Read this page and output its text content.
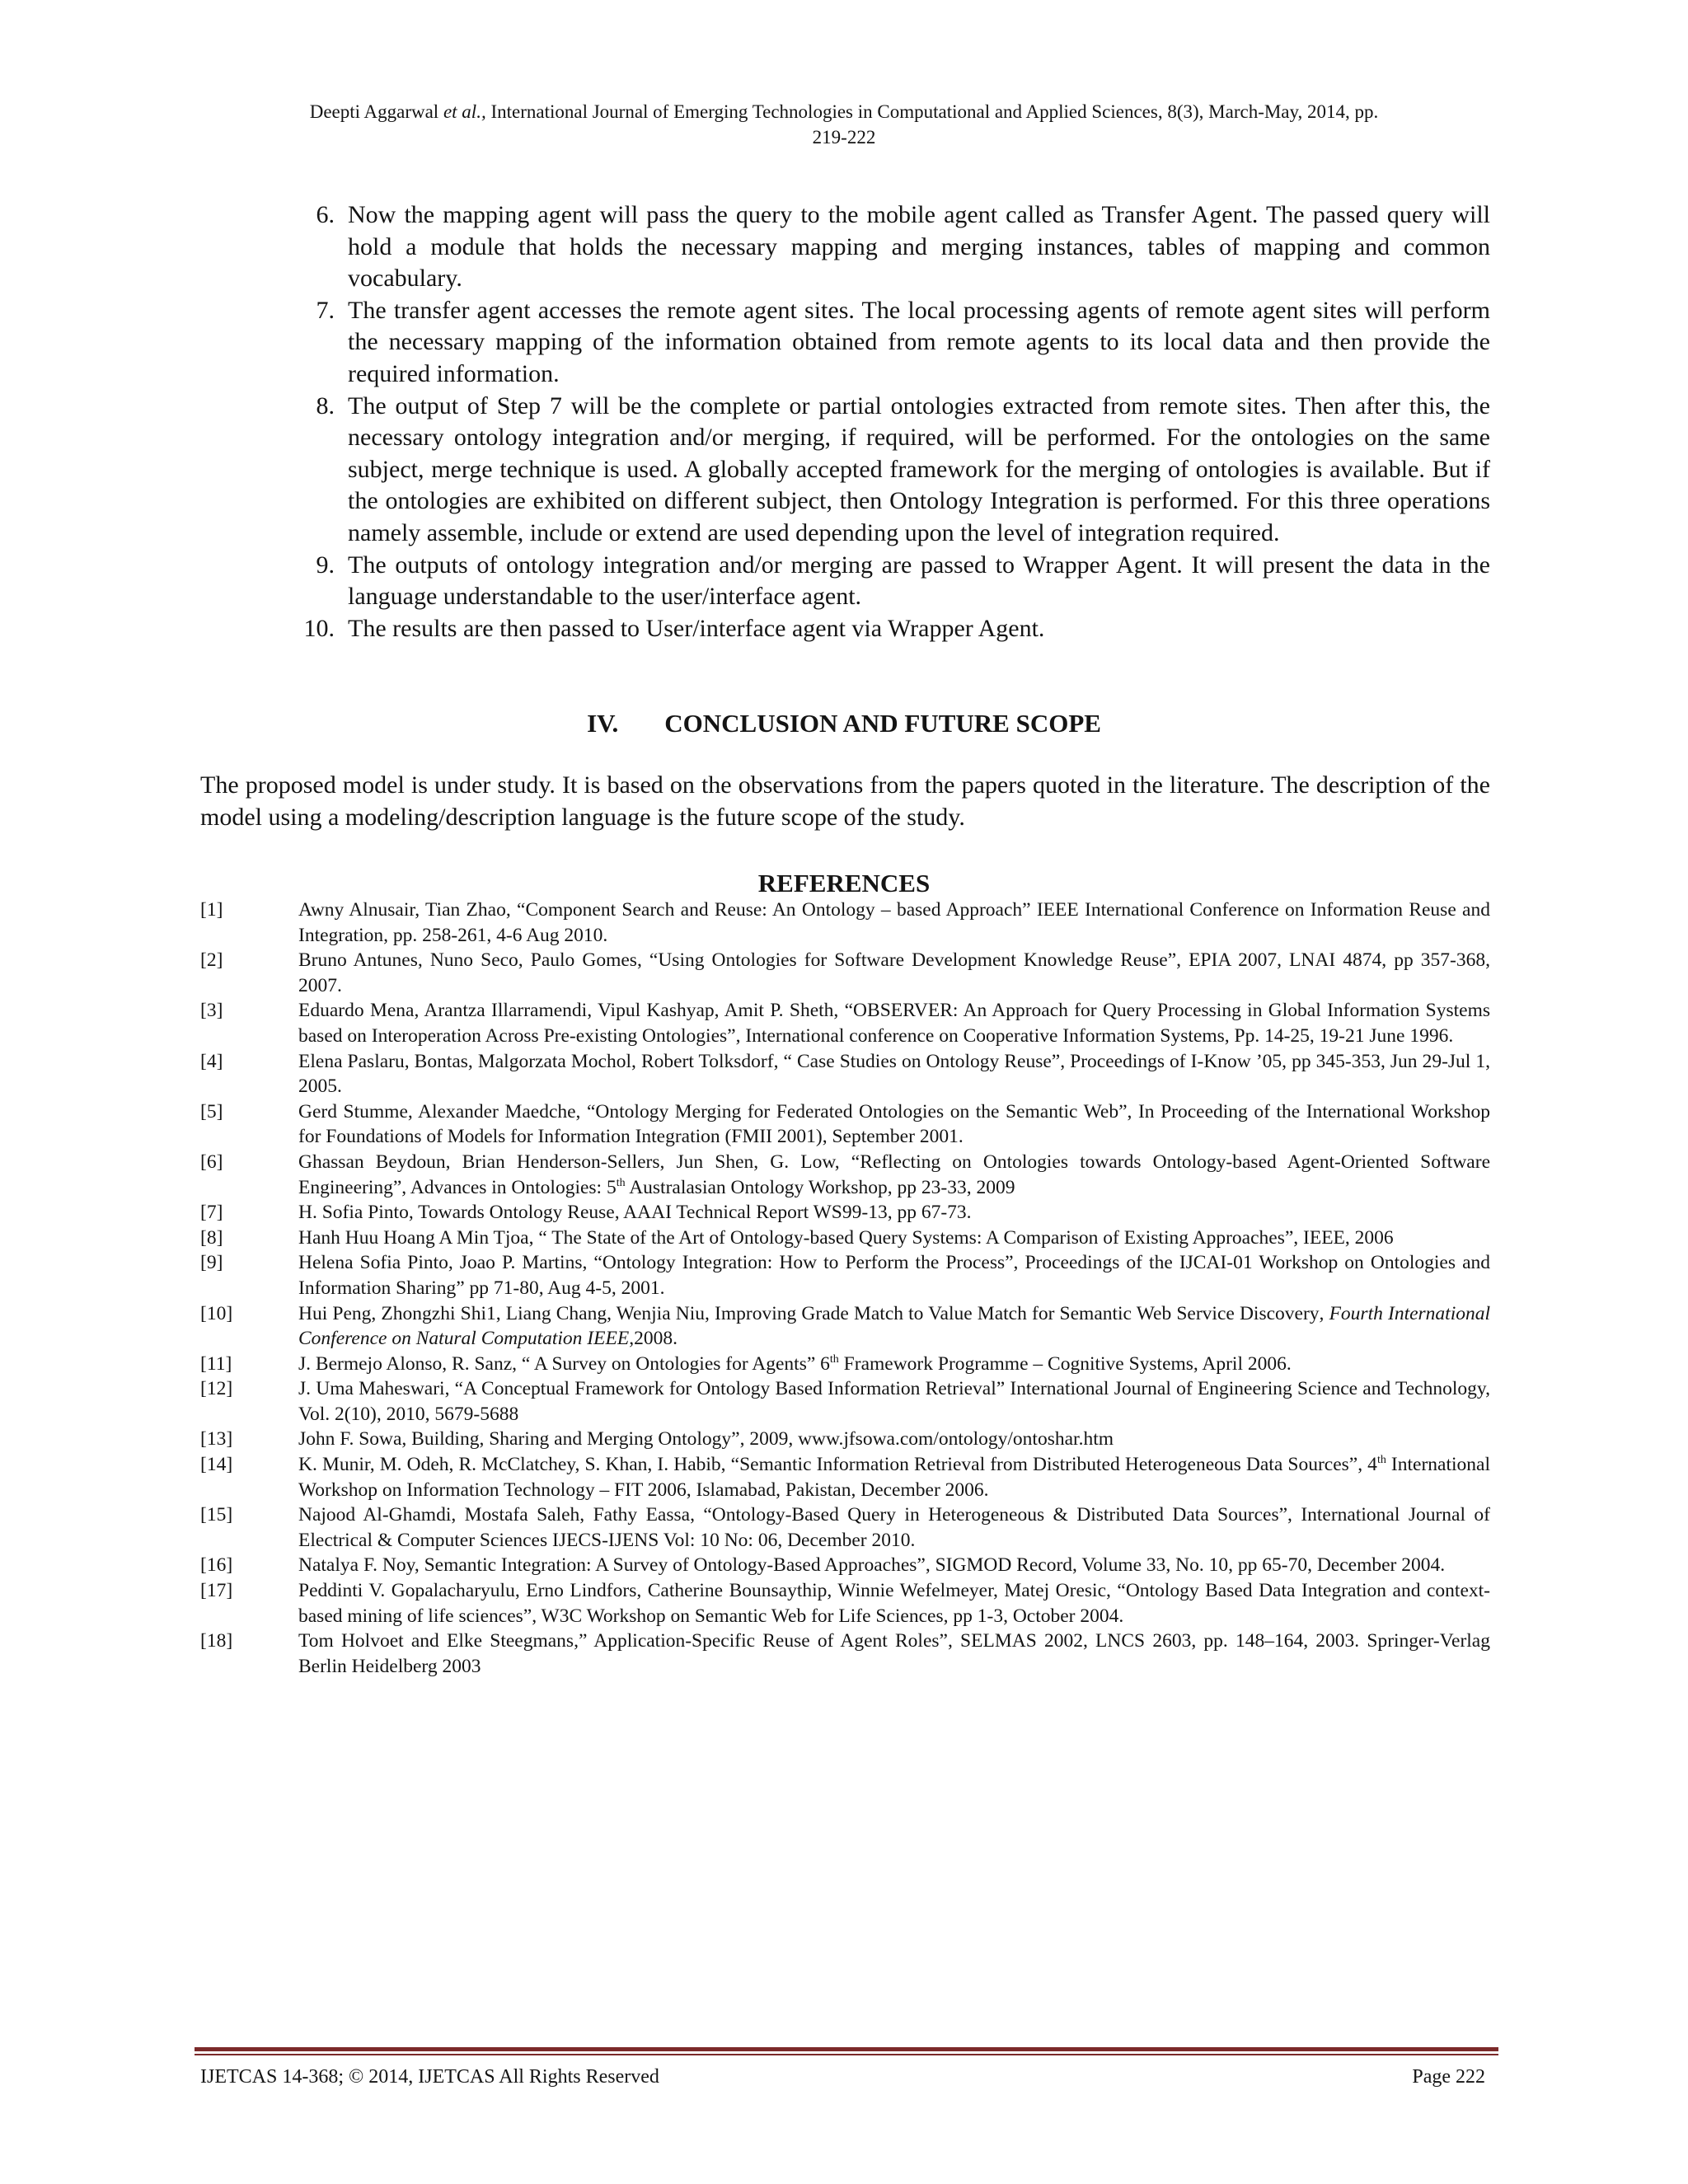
Deepti Aggarwal et al., International Journal of Emerging Technologies in Computational and Applied Sciences, 8(3), March-May, 2014, pp.
219-222
6. Now the mapping agent will pass the query to the mobile agent called as Transfer Agent. The passed query will hold a module that holds the necessary mapping and merging instances, tables of mapping and common vocabulary.
7. The transfer agent accesses the remote agent sites. The local processing agents of remote agent sites will perform the necessary mapping of the information obtained from remote agents to its local data and then provide the required information.
8. The output of Step 7 will be the complete or partial ontologies extracted from remote sites. Then after this, the necessary ontology integration and/or merging, if required, will be performed. For the ontologies on the same subject, merge technique is used. A globally accepted framework for the merging of ontologies is available. But if the ontologies are exhibited on different subject, then Ontology Integration is performed. For this three operations namely assemble, include or extend are used depending upon the level of integration required.
9. The outputs of ontology integration and/or merging are passed to Wrapper Agent. It will present the data in the language understandable to the user/interface agent.
10. The results are then passed to User/interface agent via Wrapper Agent.
IV. CONCLUSION AND FUTURE SCOPE

The proposed model is under study. It is based on the observations from the papers quoted in the literature. The description of the model using a modeling/description language is the future scope of the study.

REFERENCES
[1]	Awny Alnusair, Tian Zhao, “Component Search and Reuse: An Ontology – based Approach” IEEE International Conference on Information Reuse and Integration, pp. 258-261, 4-6 Aug 2010.
[2]	Bruno Antunes, Nuno Seco, Paulo Gomes, “Using Ontologies for Software Development Knowledge Reuse”, EPIA 2007, LNAI 4874, pp 357-368, 2007.
[3]	Eduardo Mena, Arantza Illarramendi, Vipul Kashyap, Amit P. Sheth, “OBSERVER: An Approach for Query Processing in Global Information Systems based on Interoperation Across Pre-existing Ontologies”, International conference on Cooperative Information Systems, Pp. 14-25, 19-21 June 1996.
[4]	Elena Paslaru, Bontas, Malgorzata Mochol, Robert Tolksdorf, “ Case Studies on Ontology Reuse”, Proceedings of I-Know ’05, pp 345-353, Jun 29-Jul 1, 2005.
[5]	Gerd Stumme, Alexander Maedche, “Ontology Merging for Federated Ontologies on the Semantic Web”, In Proceeding of the International Workshop for Foundations of Models for Information Integration (FMII 2001), September 2001.
[6]	Ghassan Beydoun, Brian Henderson-Sellers, Jun Shen, G. Low, “Reflecting on Ontologies towards Ontology-based Agent-Oriented Software Engineering”, Advances in Ontologies: 5th Australasian Ontology Workshop, pp 23-33, 2009
[7]	H. Sofia Pinto, Towards Ontology Reuse, AAAI Technical Report WS99-13, pp 67-73.
[8]	Hanh Huu Hoang A Min Tjoa, “ The State of the Art of Ontology-based Query Systems: A Comparison of Existing Approaches”, IEEE, 2006
[9]	Helena Sofia Pinto, Joao P. Martins, “Ontology Integration: How to Perform the Process”, Proceedings of the IJCAI-01 Workshop on Ontologies and Information Sharing” pp 71-80, Aug 4-5, 2001.
[10]	Hui Peng, Zhongzhi Shi1, Liang Chang, Wenjia Niu, Improving Grade Match to Value Match for Semantic Web Service Discovery, Fourth International Conference on Natural Computation IEEE,2008.
[11]	J. Bermejo Alonso, R. Sanz, “ A Survey on Ontologies for Agents” 6th Framework Programme – Cognitive Systems, April 2006.
[12]	J. Uma Maheswari, “A Conceptual Framework for Ontology Based Information Retrieval” International Journal of Engineering Science and Technology, Vol. 2(10), 2010, 5679-5688
[13]	John F. Sowa, Building, Sharing and Merging Ontology”, 2009, www.jfsowa.com/ontology/ontoshar.htm
[14]	K. Munir, M. Odeh, R. McClatchey, S. Khan, I. Habib, “Semantic Information Retrieval from Distributed Heterogeneous Data Sources”, 4th International Workshop on Information Technology – FIT 2006, Islamabad, Pakistan, December 2006.
[15]	Najood Al-Ghamdi, Mostafa Saleh, Fathy Eassa, “Ontology-Based Query in Heterogeneous & Distributed Data Sources”, International Journal of Electrical & Computer Sciences IJECS-IJENS Vol: 10 No: 06, December 2010.
[16]	Natalya F. Noy, Semantic Integration: A Survey of Ontology-Based Approaches”, SIGMOD Record, Volume 33, No. 10, pp 65-70, December 2004.
[17]	Peddinti V. Gopalacharyulu, Erno Lindfors, Catherine Bounsaythip, Winnie Wefelmeyer, Matej Oresic, “Ontology Based Data Integration and context-based mining of life sciences”, W3C Workshop on Semantic Web for Life Sciences, pp 1-3, October 2004.
[18]	Tom Holvoet and Elke Steegmans,” Application-Specific Reuse of Agent Roles”, SELMAS 2002, LNCS 2603, pp. 148–164, 2003. Springer-Verlag Berlin Heidelberg 2003
IJETCAS 14-368; © 2014, IJETCAS All Rights Reserved	Page 222
